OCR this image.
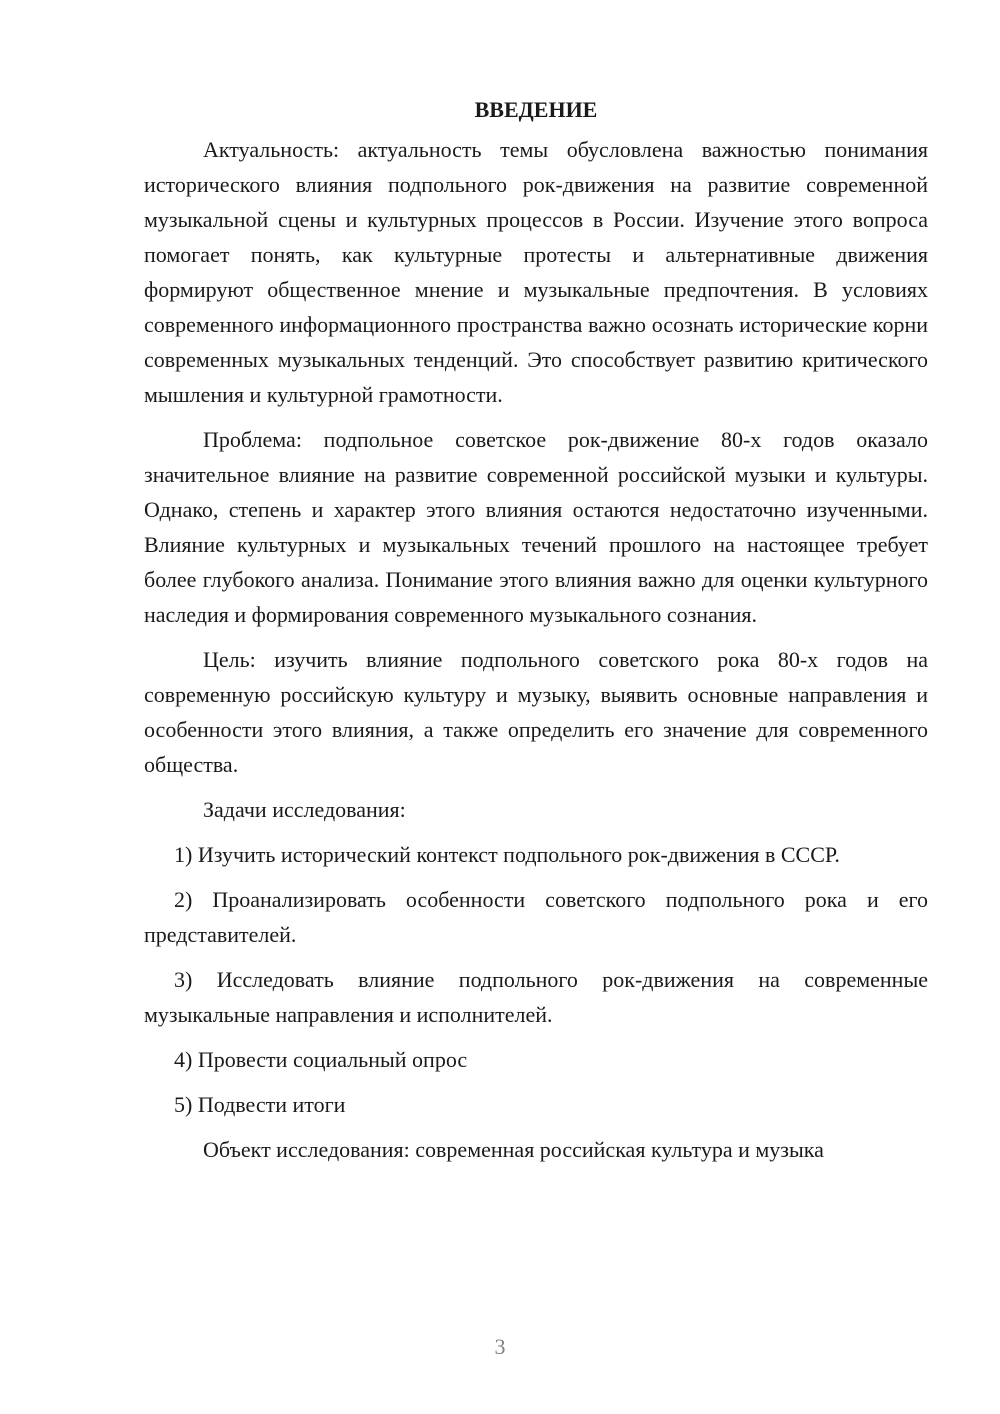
ВВЕДЕНИЕ

Актуальность: актуальность темы обусловлена важностью понимания исторического влияния подпольного рок-движения на развитие современной музыкальной сцены и культурных процессов в России. Изучение этого вопроса помогает понять, как культурные протесты и альтернативные движения формируют общественное мнение и музыкальные предпочтения. В условиях современного информационного пространства важно осознать исторические корни современных музыкальных тенденций. Это способствует развитию критического мышления и культурной грамотности.

Проблема: подпольное советское рок-движение 80-х годов оказало значительное влияние на развитие современной российской музыки и культуры. Однако, степень и характер этого влияния остаются недостаточно изученными. Влияние культурных и музыкальных течений прошлого на настоящее требует более глубокого анализа. Понимание этого влияния важно для оценки культурного наследия и формирования современного музыкального сознания.

Цель: изучить влияние подпольного советского рока 80-х годов на современную российскую культуру и музыку, выявить основные направления и особенности этого влияния, а также определить его значение для современного общества.

Задачи исследования:

1) Изучить исторический контекст подпольного рок-движения в СССР.

2) Проанализировать особенности советского подпольного рока и его представителей.

3) Исследовать влияние подпольного рок-движения на современные музыкальные направления и исполнителей.

4) Провести социальный опрос

5) Подвести итоги

Объект исследования: современная российская культура и музыка

3
